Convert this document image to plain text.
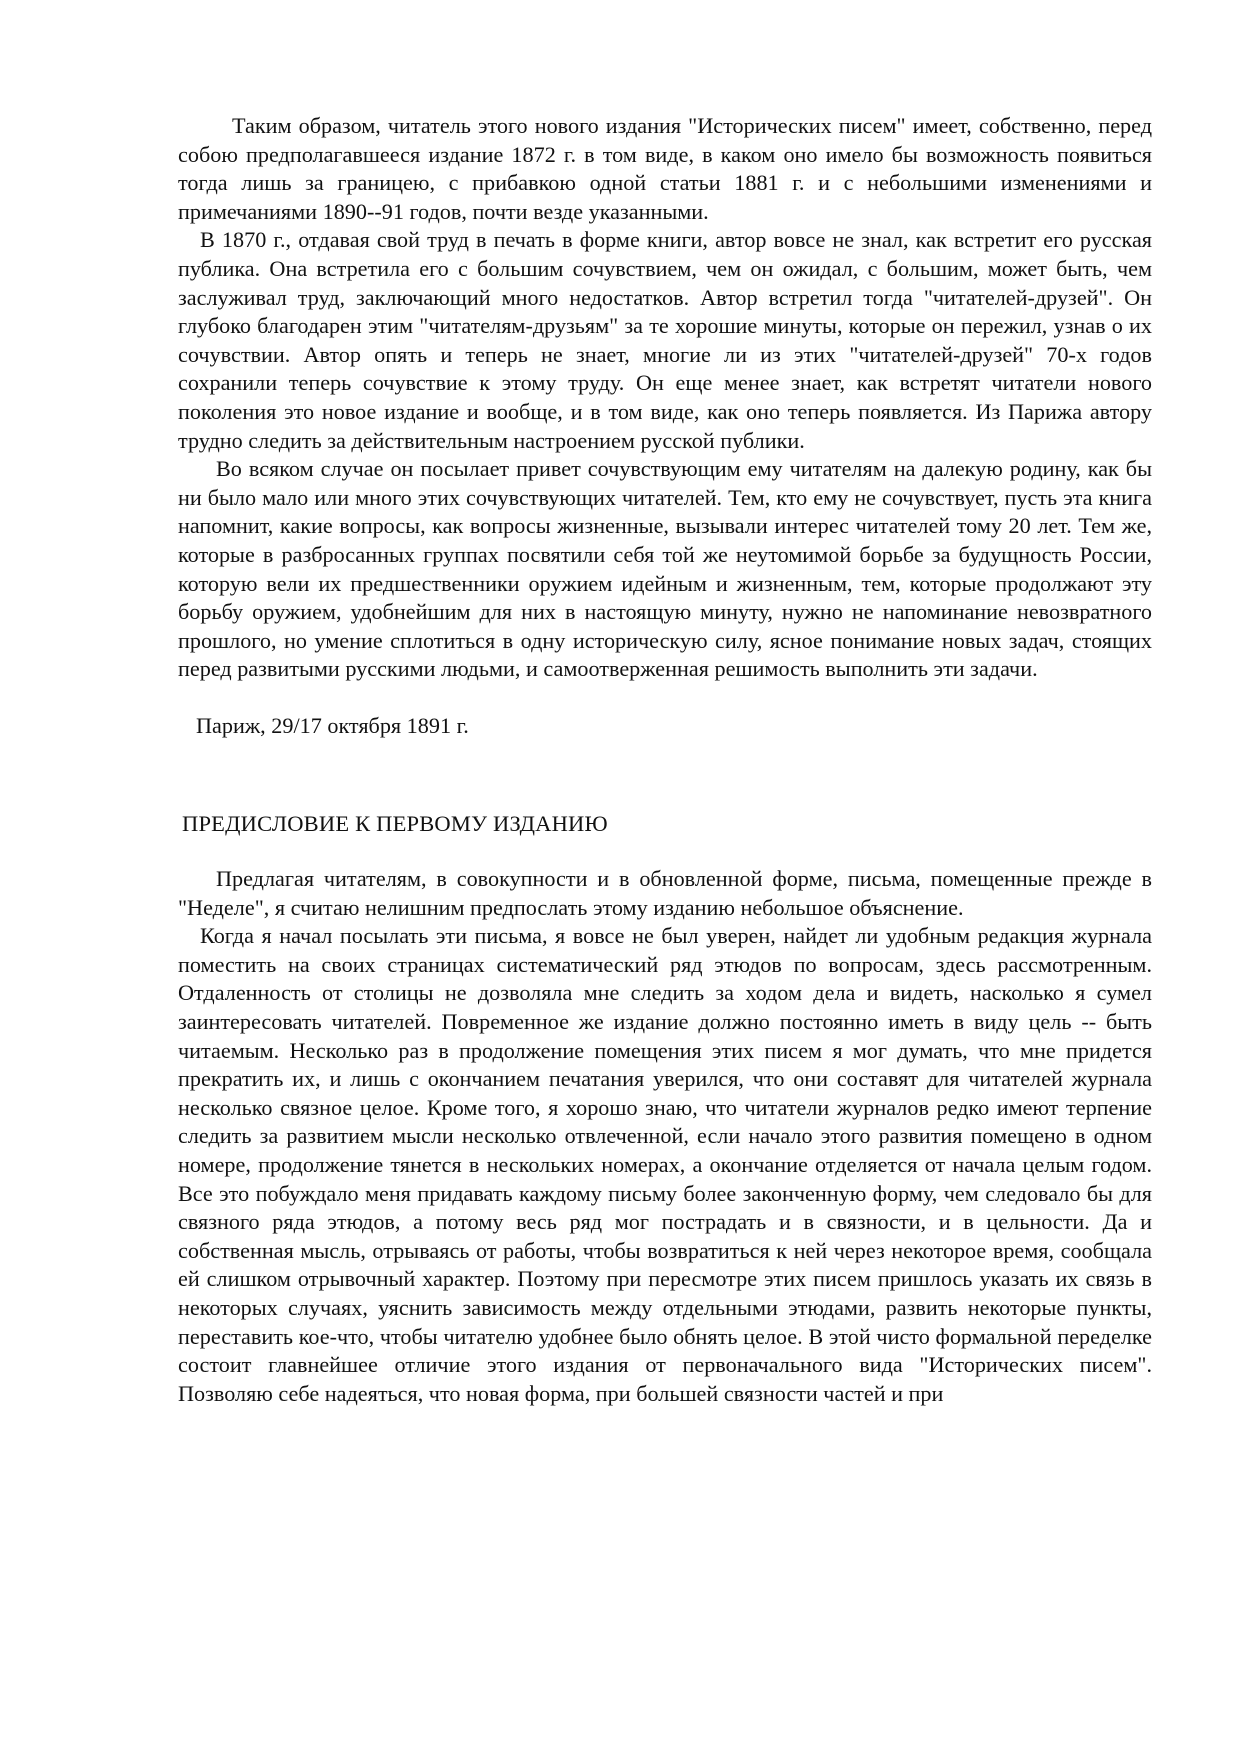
Таким образом, читатель этого нового издания "Исторических писем" имеет, собственно, перед собою предполагавшееся издание 1872 г. в том виде, в каком оно имело бы возможность появиться тогда лишь за границею, с прибавкою одной статьи 1881 г. и с небольшими изменениями и примечаниями 1890--91 годов, почти везде указанными.

В 1870 г., отдавая свой труд в печать в форме книги, автор вовсе не знал, как встретит его русская публика. Она встретила его с большим сочувствием, чем он ожидал, с большим, может быть, чем заслуживал труд, заключающий много недостатков. Автор встретил тогда "читателей-друзей". Он глубоко благодарен этим "читателям-друзьям" за те хорошие минуты, которые он пережил, узнав о их сочувствии. Автор опять и теперь не знает, многие ли из этих "читателей-друзей" 70-х годов сохранили теперь сочувствие к этому труду. Он еще менее знает, как встретят читатели нового поколения это новое издание и вообще, и в том виде, как оно теперь появляется. Из Парижа автору трудно следить за действительным настроением русской публики.

Во всяком случае он посылает привет сочувствующим ему читателям на далекую родину, как бы ни было мало или много этих сочувствующих читателей. Тем, кто ему не сочувствует, пусть эта книга напомнит, какие вопросы, как вопросы жизненные, вызывали интерес читателей тому 20 лет. Тем же, которые в разбросанных группах посвятили себя той же неутомимой борьбе за будущность России, которую вели их предшественники оружием идейным и жизненным, тем, которые продолжают эту борьбу оружием, удобнейшим для них в настоящую минуту, нужно не напоминание невозвратного прошлого, но умение сплотиться в одну историческую силу, ясное понимание новых задач, стоящих перед развитыми русскими людьми, и самоотверженная решимость выполнить эти задачи.

Париж, 29/17 октября 1891 г.

ПРЕДИСЛОВИЕ К ПЕРВОМУ ИЗДАНИЮ

Предлагая читателям, в совокупности и в обновленной форме, письма, помещенные прежде в "Неделе", я считаю нелишним предпослать этому изданию небольшое объяснение.

Когда я начал посылать эти письма, я вовсе не был уверен, найдет ли удобным редакция журнала поместить на своих страницах систематический ряд этюдов по вопросам, здесь рассмотренным. Отдаленность от столицы не дозволяла мне следить за ходом дела и видеть, насколько я сумел заинтересовать читателей. Повременное же издание должно постоянно иметь в виду цель -- быть читаемым. Несколько раз в продолжение помещения этих писем я мог думать, что мне придется прекратить их, и лишь с окончанием печатания уверился, что они составят для читателей журнала несколько связное целое. Кроме того, я хорошо знаю, что читатели журналов редко имеют терпение следить за развитием мысли несколько отвлеченной, если начало этого развития помещено в одном номере, продолжение тянется в нескольких номерах, а окончание отделяется от начала целым годом. Все это побуждало меня придавать каждому письму более законченную форму, чем следовало бы для связного ряда этюдов, а потому весь ряд мог пострадать и в связности, и в цельности. Да и собственная мысль, отрываясь от работы, чтобы возвратиться к ней через некоторое время, сообщала ей слишком отрывочный характер. Поэтому при пересмотре этих писем пришлось указать их связь в некоторых случаях, уяснить зависимость между отдельными этюдами, развить некоторые пункты, переставить кое-что, чтобы читателю удобнее было обнять целое. В этой чисто формальной переделке состоит главнейшее отличие этого издания от первоначального вида "Исторических писем". Позволяю себе надеяться, что новая форма, при большей связности частей и при
